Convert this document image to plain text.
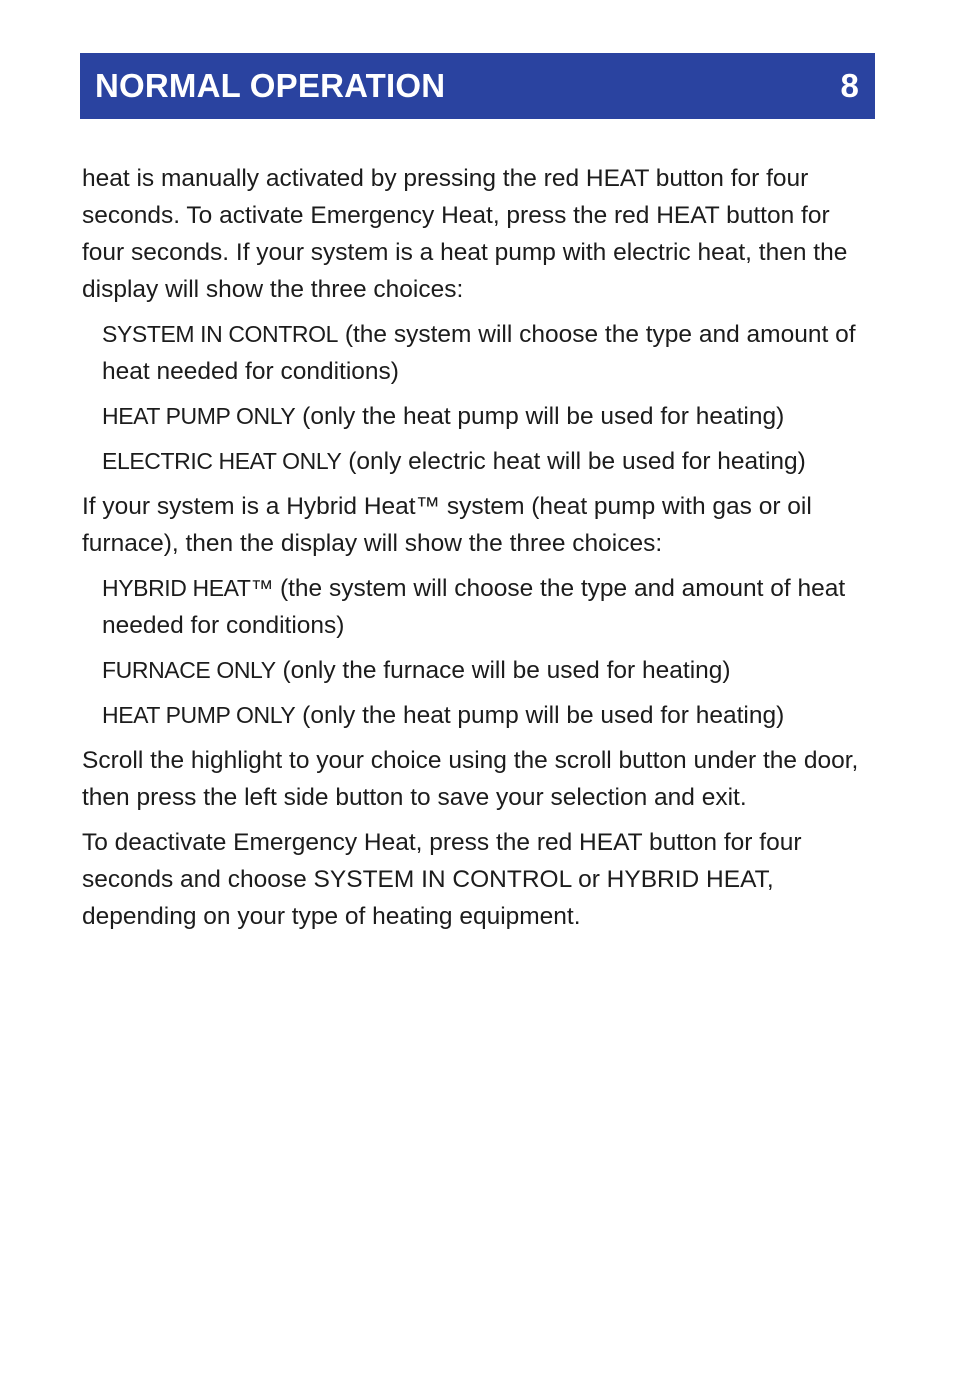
NORMAL OPERATION	8

heat is manually activated by pressing the red HEAT button for four seconds. To activate Emergency Heat, press the red HEAT button for four seconds. If your system is a heat pump with electric heat, then the display will show the three choices:

SYSTEM IN CONTROL (the system will choose the type and amount of heat needed for conditions)

HEAT PUMP ONLY (only the heat pump will be used for heating)

ELECTRIC HEAT ONLY (only electric heat will be used for heating)

If your system is a Hybrid Heat™ system (heat pump with gas or oil furnace), then the display will show the three choices:

HYBRID HEAT™ (the system will choose the type and amount of heat needed for conditions)

FURNACE ONLY (only the furnace will be used for heating)

HEAT PUMP ONLY (only the heat pump will be used for heating)

Scroll the highlight to your choice using the scroll button under the door, then press the left side button to save your selection and exit.

To deactivate Emergency Heat, press the red HEAT button for four seconds and choose SYSTEM IN CONTROL or HYBRID HEAT, depending on your type of heating equipment.
